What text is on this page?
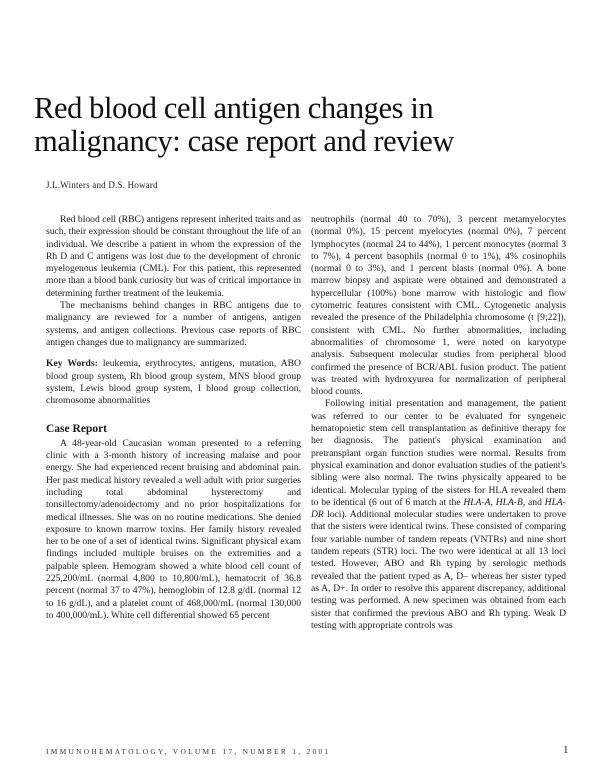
Red blood cell antigen changes in
malignancy: case report and review
J.L.Winters and D.S. Howard

Red blood cell (RBC) antigens represent inherited traits and as such, their expression should be constant throughout the life of an individual. We describe a patient in whom the expression of the Rh D and C antigens was lost due to the development of chronic myelogenous leukemia (CML). For this patient, this represented more than a blood bank curiosity but was of critical importance in determining further treatment of the leukemia.

The mechanisms behind changes in RBC antigens due to malignancy are reviewed for a number of antigens, antigen systems, and antigen collections. Previous case reports of RBC antigen changes due to malignancy are summarized.

Key Words: leukemia, erythrocytes, antigens, mutation, ABO blood group system, Rh blood group system, MNS blood group system, Lewis blood group system, I blood group collection, chromosome abnormalities

Case Report

A 48-year-old Caucasian woman presented to a referring clinic with a 3-month history of increasing malaise and poor energy. She had experienced recent bruising and abdominal pain. Her past medical history revealed a well adult with prior surgeries including total abdominal hysterectomy and tonsillectomy/adenoidectomy and no prior hospitalizations for medical illnesses. She was on no routine medications. She denied exposure to known marrow toxins. Her family history revealed her to be one of a set of identical twins. Significant physical exam findings included multiple bruises on the extremities and a palpable spleen. Hemogram showed a white blood cell count of 225,200/mL (normal 4,800 to 10,800/mL), hematocrit of 36.8 percent (normal 37 to 47%), hemoglobin of 12.8 g/dL (normal 12 to 16 g/dL), and a platelet count of 468,000/mL (normal 130,000 to 400,000/mL). White cell differential showed 65 percent

neutrophils (normal 40 to 70%), 3 percent metamyelocytes (normal 0%), 15 percent myelocytes (normal 0%), 7 percent lymphocytes (normal 24 to 44%), 1 percent monocytes (normal 3 to 7%), 4 percent basophils (normal 0 to 1%), 4% cosinophils (normal 0 to 3%), and 1 percent blasts (normal 0%). A bone marrow biopsy and aspirate were obtained and demonstrated a hypercellular (100%) bone marrow with histologic and flow cytometric features consistent with CML. Cytogenetic analysis revealed the presence of the Philadelphia chromosome (t [9;22]), consistent with CML. No further abnormalities, including abnormalities of chromosome 1, were noted on karyotype analysis. Subsequent molecular studies from peripheral blood confirmed the presence of BCR/ABL fusion product. The patient was treated with hydroxyurea for normalization of peripheral blood counts.

Following initial presentation and management, the patient was referred to our center to be evaluated for syngeneic hematopoietic stem cell transplantation as definitive therapy for her diagnosis. The patient's physical examination and pretransplant organ function studies were normal. Results from physical examination and donor evaluation studies of the patient's sibling were also normal. The twins physically appeared to be identical. Molecular typing of the sisters for HLA revealed them to be identical (6 out of 6 match at the HLA-A, HLA-B, and HLA-DR loci). Additional molecular studies were undertaken to prove that the sisters were identical twins. These consisted of comparing four variable number of tandem repeats (VNTRs) and nine short tandem repeats (STR) loci. The two were identical at all 13 loci tested. However, ABO and Rh typing by serologic methods revealed that the patient typed as A, D– whereas her sister typed as A, D+. In order to resolve this apparent discrepancy, additional testing was performed. A new specimen was obtained from each sister that confirmed the previous ABO and Rh typing. Weak D testing with appropriate controls was

IMMUNOHEMATOLOGY, VOLUME 17, NUMBER 1, 2001	1
